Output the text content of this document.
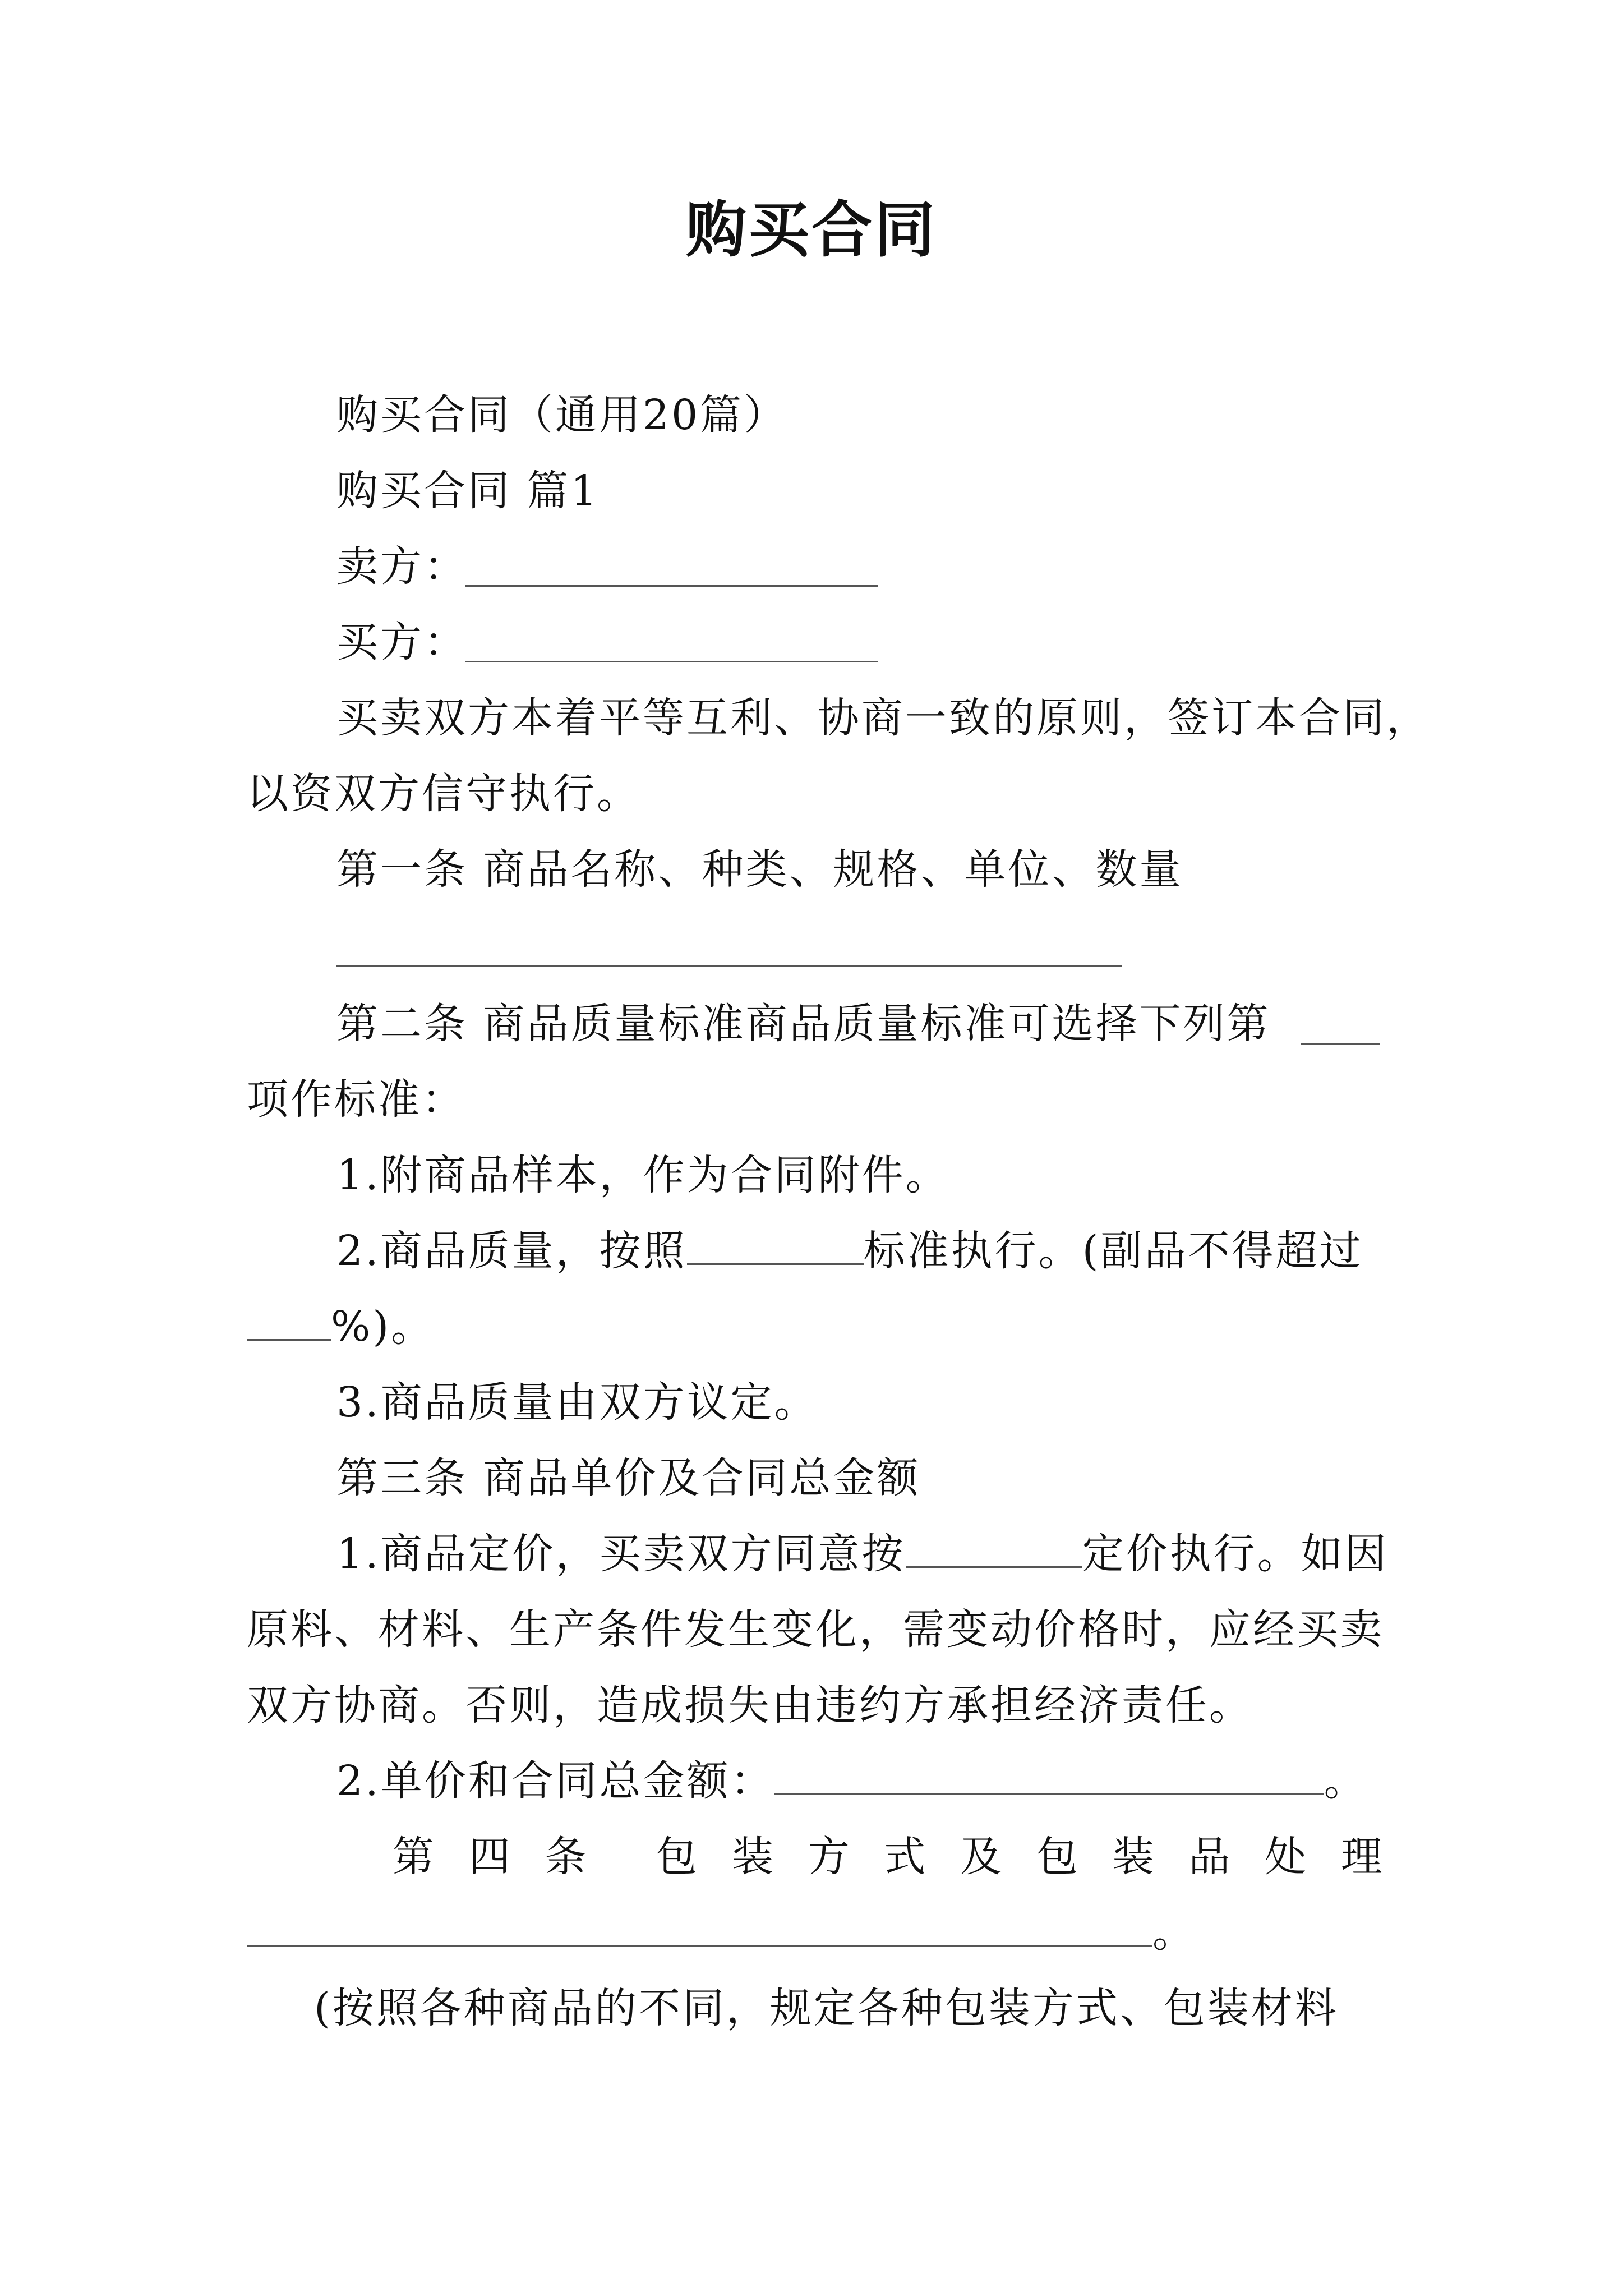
购买合同
购买合同（通用20篇）
购买合同 篇1
卖方：
买方：
买卖双方本着平等互利、协商一致的原则，签订本合同，
以资双方信守执行。
第一条 商品名称、种类、规格、单位、数量
第二条 商品质量标准商品质量标准可选择下列第
项作标准：
1.附商品样本，作为合同附件。
2.商品质量，按照	标准执行。(副品不得超过
%)。
3.商品质量由双方议定。
第三条 商品单价及合同总金额
1.商品定价，买卖双方同意按	定价执行。如因
原料、材料、生产条件发生变化，需变动价格时，应经买卖
双方协商。否则，造成损失由违约方承担经济责任。
2.单价和合同总金额：	。
第 四 条 包 装 方 式 及 包 装 品 处 理
。
(按照各种商品的不同，规定各种包装方式、包装材料
